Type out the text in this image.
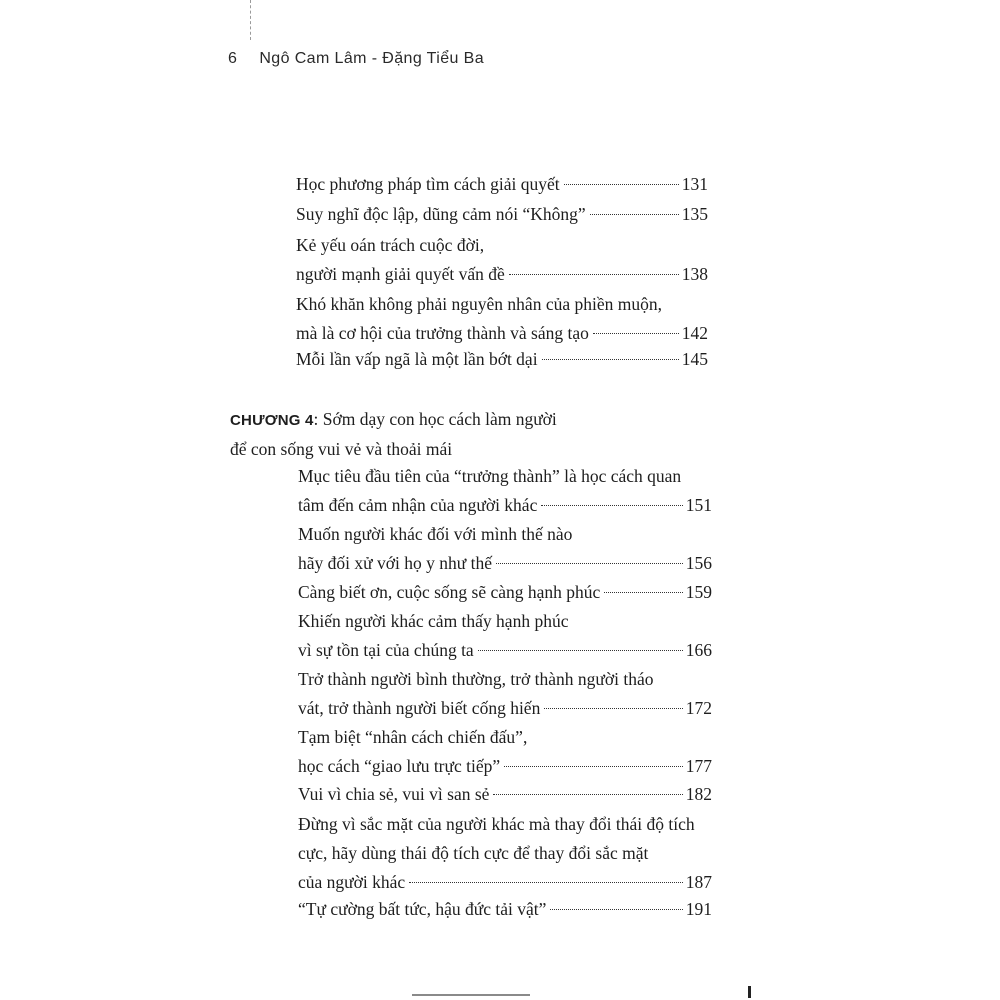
6 Ngô Cam Lâm - Đặng Tiểu Ba
Học phương pháp tìm cách giải quyết	131
Suy nghĩ độc lập, dũng cảm nói “Không”	135
Kẻ yếu oán trách cuộc đời,
người mạnh giải quyết vấn đề	138
Khó khăn không phải nguyên nhân của phiền muộn,
mà là cơ hội của trưởng thành và sáng tạo	142
Mỗi lần vấp ngã là một lần bớt dại	145
CHƯƠNG 4: Sớm dạy con học cách làm người
để con sống vui vẻ và thoải mái
Mục tiêu đầu tiên của “trưởng thành” là học cách quan
tâm đến cảm nhận của người khác	151
Muốn người khác đối với mình thế nào
hãy đối xử với họ y như thế	156
Càng biết ơn, cuộc sống sẽ càng hạnh phúc	159
Khiến người khác cảm thấy hạnh phúc
vì sự tồn tại của chúng ta	166
Trở thành người bình thường, trở thành người tháo
vát, trở thành người biết cống hiến	172
Tạm biệt “nhân cách chiến đấu”,
học cách “giao lưu trực tiếp”	177
Vui vì chia sẻ, vui vì san sẻ	182
Đừng vì sắc mặt của người khác mà thay đổi thái độ tích
cực, hãy dùng thái độ tích cực để thay đổi sắc mặt
của người khác	187
“Tự cường bất tức, hậu đức tải vật”	191
